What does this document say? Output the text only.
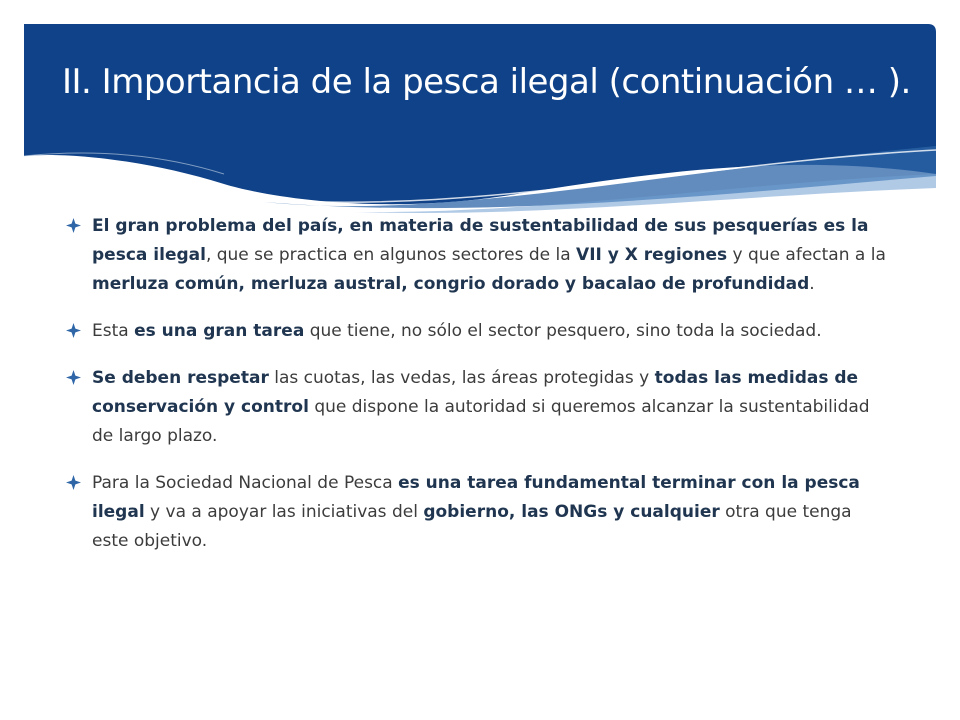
II. Importancia de la pesca ilegal (continuación … ).
El gran problema del país, en materia de sustentabilidad de sus pesquerías es la pesca ilegal, que se practica en algunos sectores de la VII y X regiones y que afectan a la merluza común, merluza austral, congrio dorado y bacalao de profundidad.
Esta es una gran tarea que tiene, no sólo el sector pesquero, sino toda la sociedad.
Se deben respetar las cuotas, las vedas, las áreas protegidas y todas las medidas de conservación y control que dispone la autoridad si queremos alcanzar la sustentabilidad de largo plazo.
Para la Sociedad Nacional de Pesca es una tarea fundamental terminar con la pesca ilegal y va a apoyar las iniciativas del gobierno, las ONGs y cualquier otra que tenga este objetivo.
